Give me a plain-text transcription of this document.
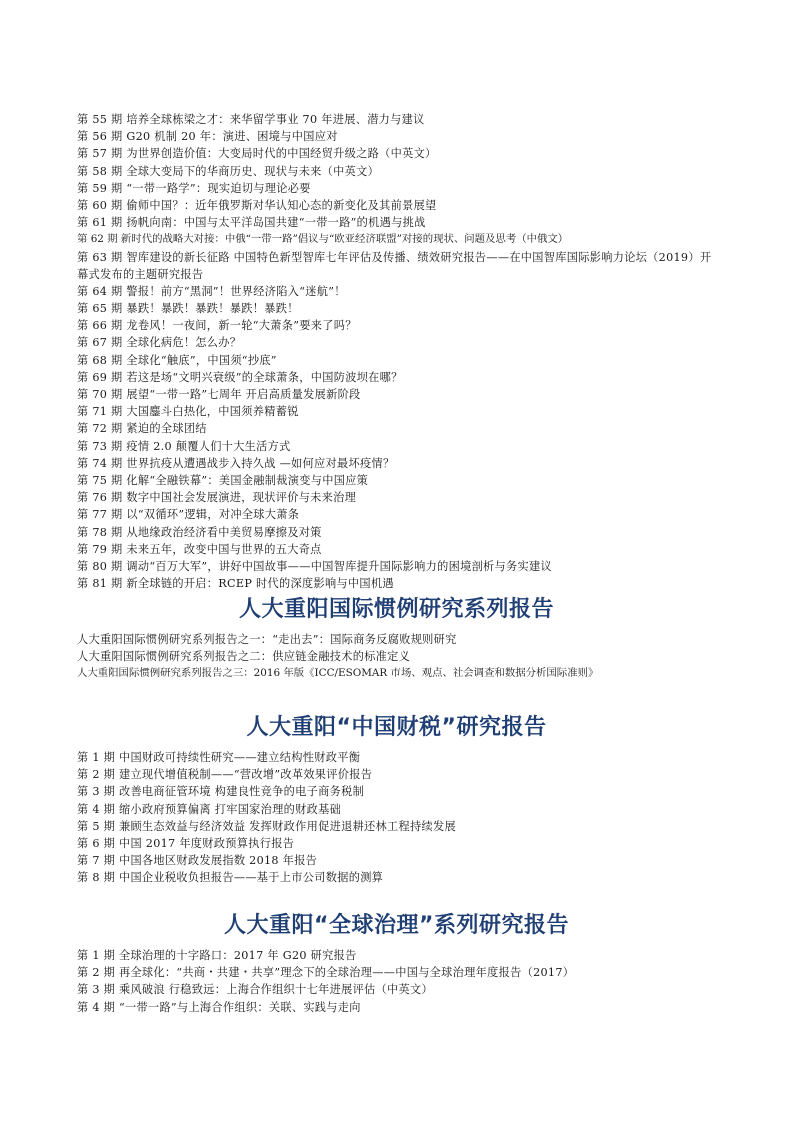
第 55 期 培养全球栋梁之才：来华留学事业 70 年进展、潜力与建议
第 56 期 G20 机制 20 年：演进、困境与中国应对
第 57 期 为世界创造价值：大变局时代的中国经贸升级之路（中英文）
第 58 期 全球大变局下的华商历史、现状与未来（中英文）
第 59 期 “一带一路学”：现实迫切与理论必要
第 60 期 偷师中国？：近年俄罗斯对华认知心态的新变化及其前景展望
第 61 期 扬帆向南：中国与太平洋岛国共建“一带一路”的机遇与挑战
第 62 期 新时代的战略大对接：中俄“一带一路”倡议与“欧亚经济联盟”对接的现状、问题及思考（中俄文）
第 63 期 智库建设的新长征路 中国特色新型智库七年评估及传播、绩效研究报告——在中国智库国际影响力论坛（2019）开幕式发布的主题研究报告
第 64 期 警报！前方“黑洞”！世界经济陷入“迷航”！
第 65 期 暴跌！暴跌！暴跌！暴跌！暴跌！
第 66 期 龙卷风！一夜间，新一轮“大萧条”要来了吗？
第 67 期 全球化病危！怎么办？
第 68 期 全球化“触底”，中国须“抄底”
第 69 期 若这是场“文明兴衰级”的全球萧条，中国防波坝在哪？
第 70 期 展望“一带一路”七周年 开启高质量发展新阶段
第 71 期 大国鏖斗白热化，中国须养精蓄锐
第 72 期 紧迫的全球团结
第 73 期 疫情 2.0 颠覆人们十大生活方式
第 74 期 世界抗疫从遭遇战步入持久战 —如何应对最坏疫情？
第 75 期 化解“全融铁幕”：美国金融制裁演变与中国应策
第 76 期 数字中国社会发展演进，现状评价与未来治理
第 77 期 以“双循环”逻辑，对冲全球大萧条
第 78 期 从地缘政治经济看中美贸易摩擦及对策
第 79 期 未来五年，改变中国与世界的五大奇点
第 80 期 调动“百万大军”，讲好中国故事——中国智库提升国际影响力的困境剖析与务实建议
第 81 期 新全球链的开启：RCEP 时代的深度影响与中国机遇
人大重阳国际惯例研究系列报告
人大重阳国际惯例研究系列报告之一：“走出去”：国际商务反腐败规则研究
人大重阳国际惯例研究系列报告之二：供应链金融技术的标准定义
人大重阳国际惯例研究系列报告之三：2016 年版《ICC/ESOMAR 市场、观点、社会调查和数据分析国际准则》
人大重阳“中国财税”研究报告
第 1 期 中国财政可持续性研究——建立结构性财政平衡
第 2 期 建立现代增值税制——“营改增”改革效果评价报告
第 3 期 改善电商征管环境 构建良性竞争的电子商务税制
第 4 期 缩小政府预算偏离 打牢国家治理的财政基础
第 5 期 兼顾生态效益与经济效益 发挥财政作用促进退耕还林工程持续发展
第 6 期 中国 2017 年度财政预算执行报告
第 7 期 中国各地区财政发展指数 2018 年报告
第 8 期 中国企业税收负担报告——基于上市公司数据的测算
人大重阳“全球治理”系列研究报告
第 1 期 全球治理的十字路口：2017 年 G20 研究报告
第 2 期 再全球化：“共商・共建・共享”理念下的全球治理——中国与全球治理年度报告（2017）
第 3 期 乘风破浪 行稳致远：上海合作组织十七年进展评估（中英文）
第 4 期 “一带一路”与上海合作组织：关联、实践与走向
